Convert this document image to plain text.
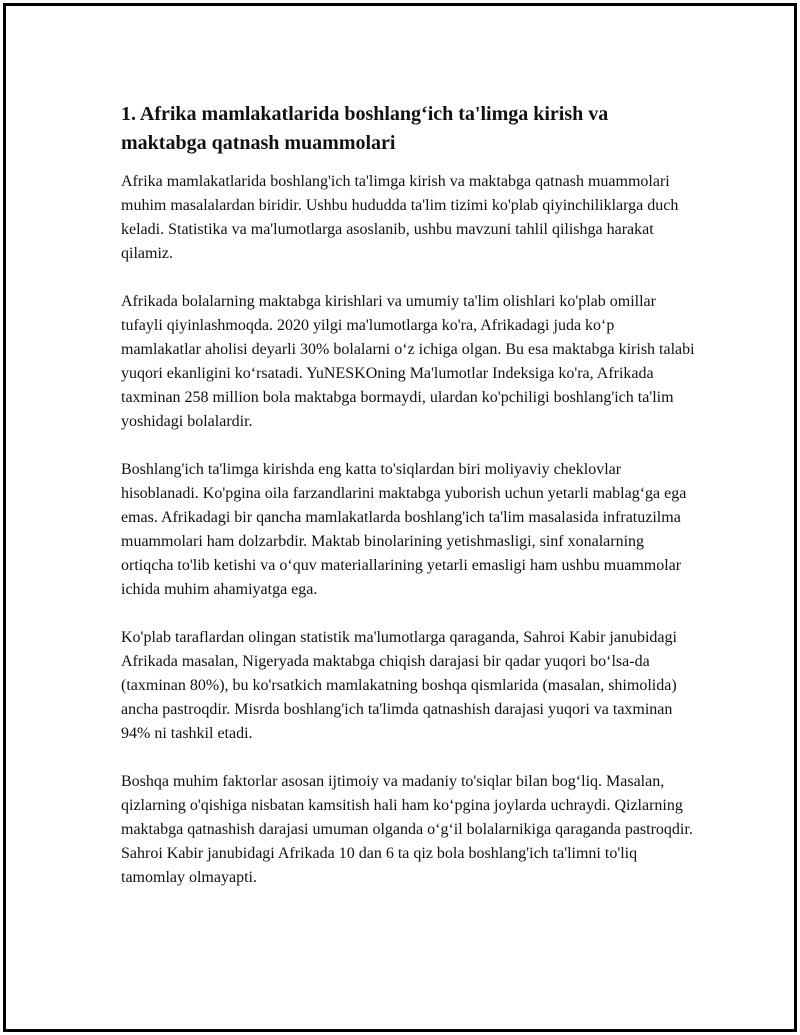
1. Afrika mamlakatlarida boshlang‘ich ta'limga kirish va maktabga qatnash muammolari

Afrika mamlakatlarida boshlang'ich ta'limga kirish va maktabga qatnash muammolari muhim masalalardan biridir. Ushbu hududda ta'lim tizimi ko'plab qiyinchiliklarga duch keladi. Statistika va ma'lumotlarga asoslanib, ushbu mavzuni tahlil qilishga harakat qilamiz.

Afrikada bolalarning maktabga kirishlari va umumiy ta'lim olishlari ko'plab omillar tufayli qiyinlashmoqda. 2020 yilgi ma'lumotlarga ko'ra, Afrikadagi juda ko‘p mamlakatlar aholisi deyarli 30% bolalarni o‘z ichiga olgan. Bu esa maktabga kirish talabi yuqori ekanligini ko‘rsatadi. YuNESKOning Ma'lumotlar Indeksiga ko'ra, Afrikada taxminan 258 million bola maktabga bormaydi, ulardan ko'pchiligi boshlang'ich ta'lim yoshidagi bolalardir.

Boshlang'ich ta'limga kirishda eng katta to'siqlardan biri moliyaviy cheklovlar hisoblanadi. Ko'pgina oila farzandlarini maktabga yuborish uchun yetarli mablag‘ga ega emas. Afrikadagi bir qancha mamlakatlarda boshlang'ich ta'lim masalasida infratuzilma muammolari ham dolzarbdir. Maktab binolarining yetishmasligi, sinf xonalarning ortiqcha to'lib ketishi va o‘quv materiallarining yetarli emasligi ham ushbu muammolar ichida muhim ahamiyatga ega.

Ko'plab taraflardan olingan statistik ma'lumotlarga qaraganda, Sahroi Kabir janubidagi Afrikada masalan, Nigeryada maktabga chiqish darajasi bir qadar yuqori bo‘lsa-da (taxminan 80%), bu ko'rsatkich mamlakatning boshqa qismlarida (masalan, shimolida) ancha pastroqdir. Misrda boshlang'ich ta'limda qatnashish darajasi yuqori va taxminan 94% ni tashkil etadi.

Boshqa muhim faktorlar asosan ijtimoiy va madaniy to'siqlar bilan bog‘liq. Masalan, qizlarning o'qishiga nisbatan kamsitish hali ham ko‘pgina joylarda uchraydi. Qizlarning maktabga qatnashish darajasi umuman olganda o‘g‘il bolalarnikiga qaraganda pastroqdir. Sahroi Kabir janubidagi Afrikada 10 dan 6 ta qiz bola boshlang'ich ta'limni to'liq tamomlay olmayapti.
